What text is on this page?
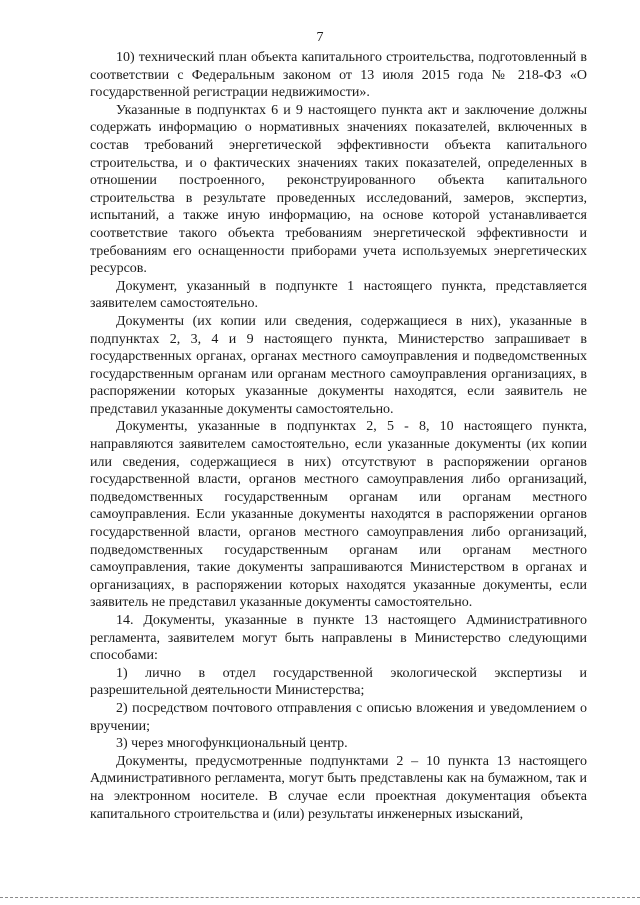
7

10) технический план объекта капитального строительства, подготовленный в соответствии с Федеральным законом от 13 июля 2015 года № 218-ФЗ «О государственной регистрации недвижимости».

Указанные в подпунктах 6 и 9 настоящего пункта акт и заключение должны содержать информацию о нормативных значениях показателей, включенных в состав требований энергетической эффективности объекта капитального строительства, и о фактических значениях таких показателей, определенных в отношении построенного, реконструированного объекта капитального строительства в результате проведенных исследований, замеров, экспертиз, испытаний, а также иную информацию, на основе которой устанавливается соответствие такого объекта требованиям энергетической эффективности и требованиям его оснащенности приборами учета используемых энергетических ресурсов.

Документ, указанный в подпункте 1 настоящего пункта, представляется заявителем самостоятельно.

Документы (их копии или сведения, содержащиеся в них), указанные в подпунктах 2, 3, 4 и 9 настоящего пункта, Министерство запрашивает в государственных органах, органах местного самоуправления и подведомственных государственным органам или органам местного самоуправления организациях, в распоряжении которых указанные документы находятся, если заявитель не представил указанные документы самостоятельно.

Документы, указанные в подпунктах 2, 5 - 8, 10 настоящего пункта, направляются заявителем самостоятельно, если указанные документы (их копии или сведения, содержащиеся в них) отсутствуют в распоряжении органов государственной власти, органов местного самоуправления либо организаций, подведомственных государственным органам или органам местного самоуправления. Если указанные документы находятся в распоряжении органов государственной власти, органов местного самоуправления либо организаций, подведомственных государственным органам или органам местного самоуправления, такие документы запрашиваются Министерством в органах и организациях, в распоряжении которых находятся указанные документы, если заявитель не представил указанные документы самостоятельно.

14. Документы, указанные в пункте 13 настоящего Административного регламента, заявителем могут быть направлены в Министерство следующими способами:

1) лично в отдел государственной экологической экспертизы и разрешительной деятельности Министерства;

2) посредством почтового отправления с описью вложения и уведомлением о вручении;

3) через многофункциональный центр.

Документы, предусмотренные подпунктами 2 – 10 пункта 13 настоящего Административного регламента, могут быть представлены как на бумажном, так и на электронном носителе. В случае если проектная документация объекта капитального строительства и (или) результаты инженерных изысканий,
